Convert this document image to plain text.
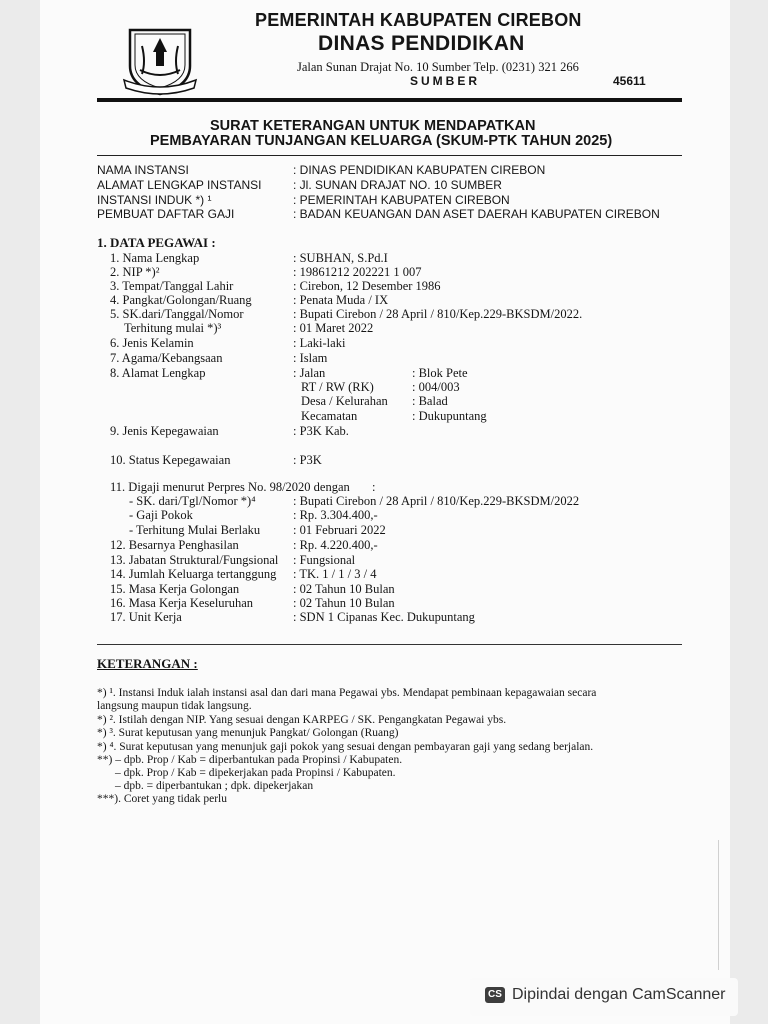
PEMERINTAH KABUPATEN CIREBON
DINAS PENDIDIKAN
Jalan Sunan Drajat No. 10 Sumber Telp. (0231) 321 266
SUMBER	45611
SURAT KETERANGAN UNTUK MENDAPATKAN
PEMBAYARAN TUNJANGAN KELUARGA (SKUM-PTK TAHUN 2025)
NAMA INSTANSI	: DINAS PENDIDIKAN KABUPATEN CIREBON
ALAMAT LENGKAP INSTANSI	: Jl. SUNAN DRAJAT NO. 10 SUMBER
INSTANSI INDUK *) ¹	: PEMERINTAH KABUPATEN CIREBON
PEMBUAT DAFTAR GAJI	: BADAN KEUANGAN DAN ASET DAERAH KABUPATEN CIREBON
1. DATA PEGAWAI :
1. Nama Lengkap	: SUBHAN, S.Pd.I
2. NIP *)²	: 19861212 202221 1 007
3. Tempat/Tanggal Lahir	: Cirebon, 12 Desember 1986
4. Pangkat/Golongan/Ruang	: Penata Muda / IX
5. SK.dari/Tanggal/Nomor	: Bupati Cirebon / 28 April / 810/Kep.229-BKSDM/2022.
Terhitung mulai *)³	: 01 Maret 2022
6. Jenis Kelamin	: Laki-laki
7. Agama/Kebangsaan	: Islam
8. Alamat Lengkap	: Jalan	: Blok Pete
RT / RW (RK)	: 004/003
Desa / Kelurahan : Balad
Kecamatan	: Dukupuntang
9. Jenis Kepegawaian	: P3K Kab.
10. Status Kepegawaian	: P3K
11. Digaji menurut Perpres No. 98/2020 dengan :
- SK. dari/Tgl/Nomor *)⁴	: Bupati Cirebon / 28 April / 810/Kep.229-BKSDM/2022
- Gaji Pokok	: Rp. 3.304.400,-
- Terhitung Mulai Berlaku	: 01 Februari 2022
12. Besarnya Penghasilan	: Rp. 4.220.400,-
13. Jabatan Struktural/Fungsional : Fungsional
14. Jumlah Keluarga tertanggung : TK. 1 / 1 / 3 / 4
15. Masa Kerja Golongan	: 02 Tahun 10 Bulan
16. Masa Kerja Keseluruhan	: 02 Tahun 10 Bulan
17. Unit Kerja	: SDN 1 Cipanas Kec. Dukupuntang
KETERANGAN :
*) ¹. Instansi Induk ialah instansi asal dan dari mana Pegawai ybs. Mendapat pembinaan kepagawaian secara
langsung maupun tidak langsung.
*) ². Istilah dengan NIP. Yang sesuai dengan KARPEG / SK. Pengangkatan Pegawai ybs.
*) ³. Surat keputusan yang menunjuk Pangkat/ Golongan (Ruang)
*) ⁴. Surat keputusan yang menunjuk gaji pokok yang sesuai dengan pembayaran gaji yang sedang berjalan.
**) – dpb. Prop / Kab = diperbantukan pada Propinsi / Kabupaten.
– dpk. Prop / Kab = dipekerjakan pada Propinsi / Kabupaten.
– dpb. = diperbantukan ; dpk. dipekerjakan
***). Coret yang tidak perlu
CS Dipindai dengan CamScanner
